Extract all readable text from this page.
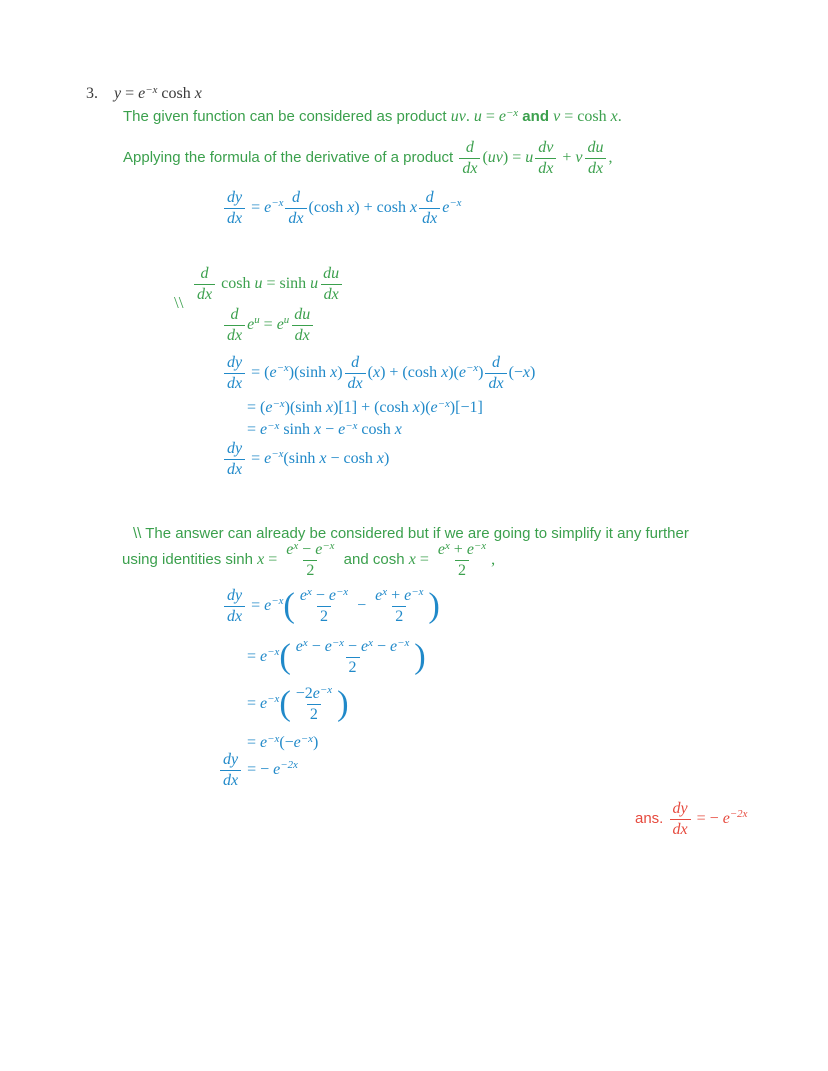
3. $y = e^{-x}$ cosh x

The given function can be considered as product uv. $u = e^{-x}$ and v = cosh x.
Applying the formula of the derivative of a product $\frac{d}{dx} (uv) = u \frac{dv}{dx} + v \frac{du}{dx}$ ,
$\frac{dy}{dx} = e^{-x} \frac{d}{dx} (\cosh$ x) + cosh x $\frac{d}{dx} e^{-x}$
\\ $\frac{d}{dx}$ cosh u = sinh u $\frac{du}{dx}$
$\frac{d}{dx} e^u = e^u \frac{du}{dx}$
$\frac{dy}{dx} = (e^{-x})(\sinh$ $x) \frac{d}{dx} (x) + (\cosh$ $x)(e^{-x}) \frac{d}{dx} (-x)$
= $(e^{-x})(\sinh$ x)[1] + (cosh $x)(e^{-x})[-1]$
= $e^{-x}$ $\sinh x - e^{-x}$ cosh x
$\frac{dy}{dx} = e^{-x}(\sinh$ x − cosh x)
\\ The answer can already be considered but if we are going to simplify it any further
using identities $\sinh x = \frac{e^x - e^{-x}}{2}$ and $\cosh x = \frac{e^x + e^{-x}}{2}$ ,
$\frac{dy}{dx} = e^{-x}( \frac{e^x - e^{-x}}{2} - \frac{e^x + e^{-x}}{2}$ )
= $e^{-x}( \frac{e^x - e^{-x} - e^x - e^{-x}}{2}$ )
= $e^{-x}( \frac{-2e^{-x}}{2}$ )
= $e^{-x}(-e^{-x})$
$\frac{dy}{dx}$ = − $e^{-2x}$
ans. $\frac{dy}{dx}$ = − $e^{-2x}$
